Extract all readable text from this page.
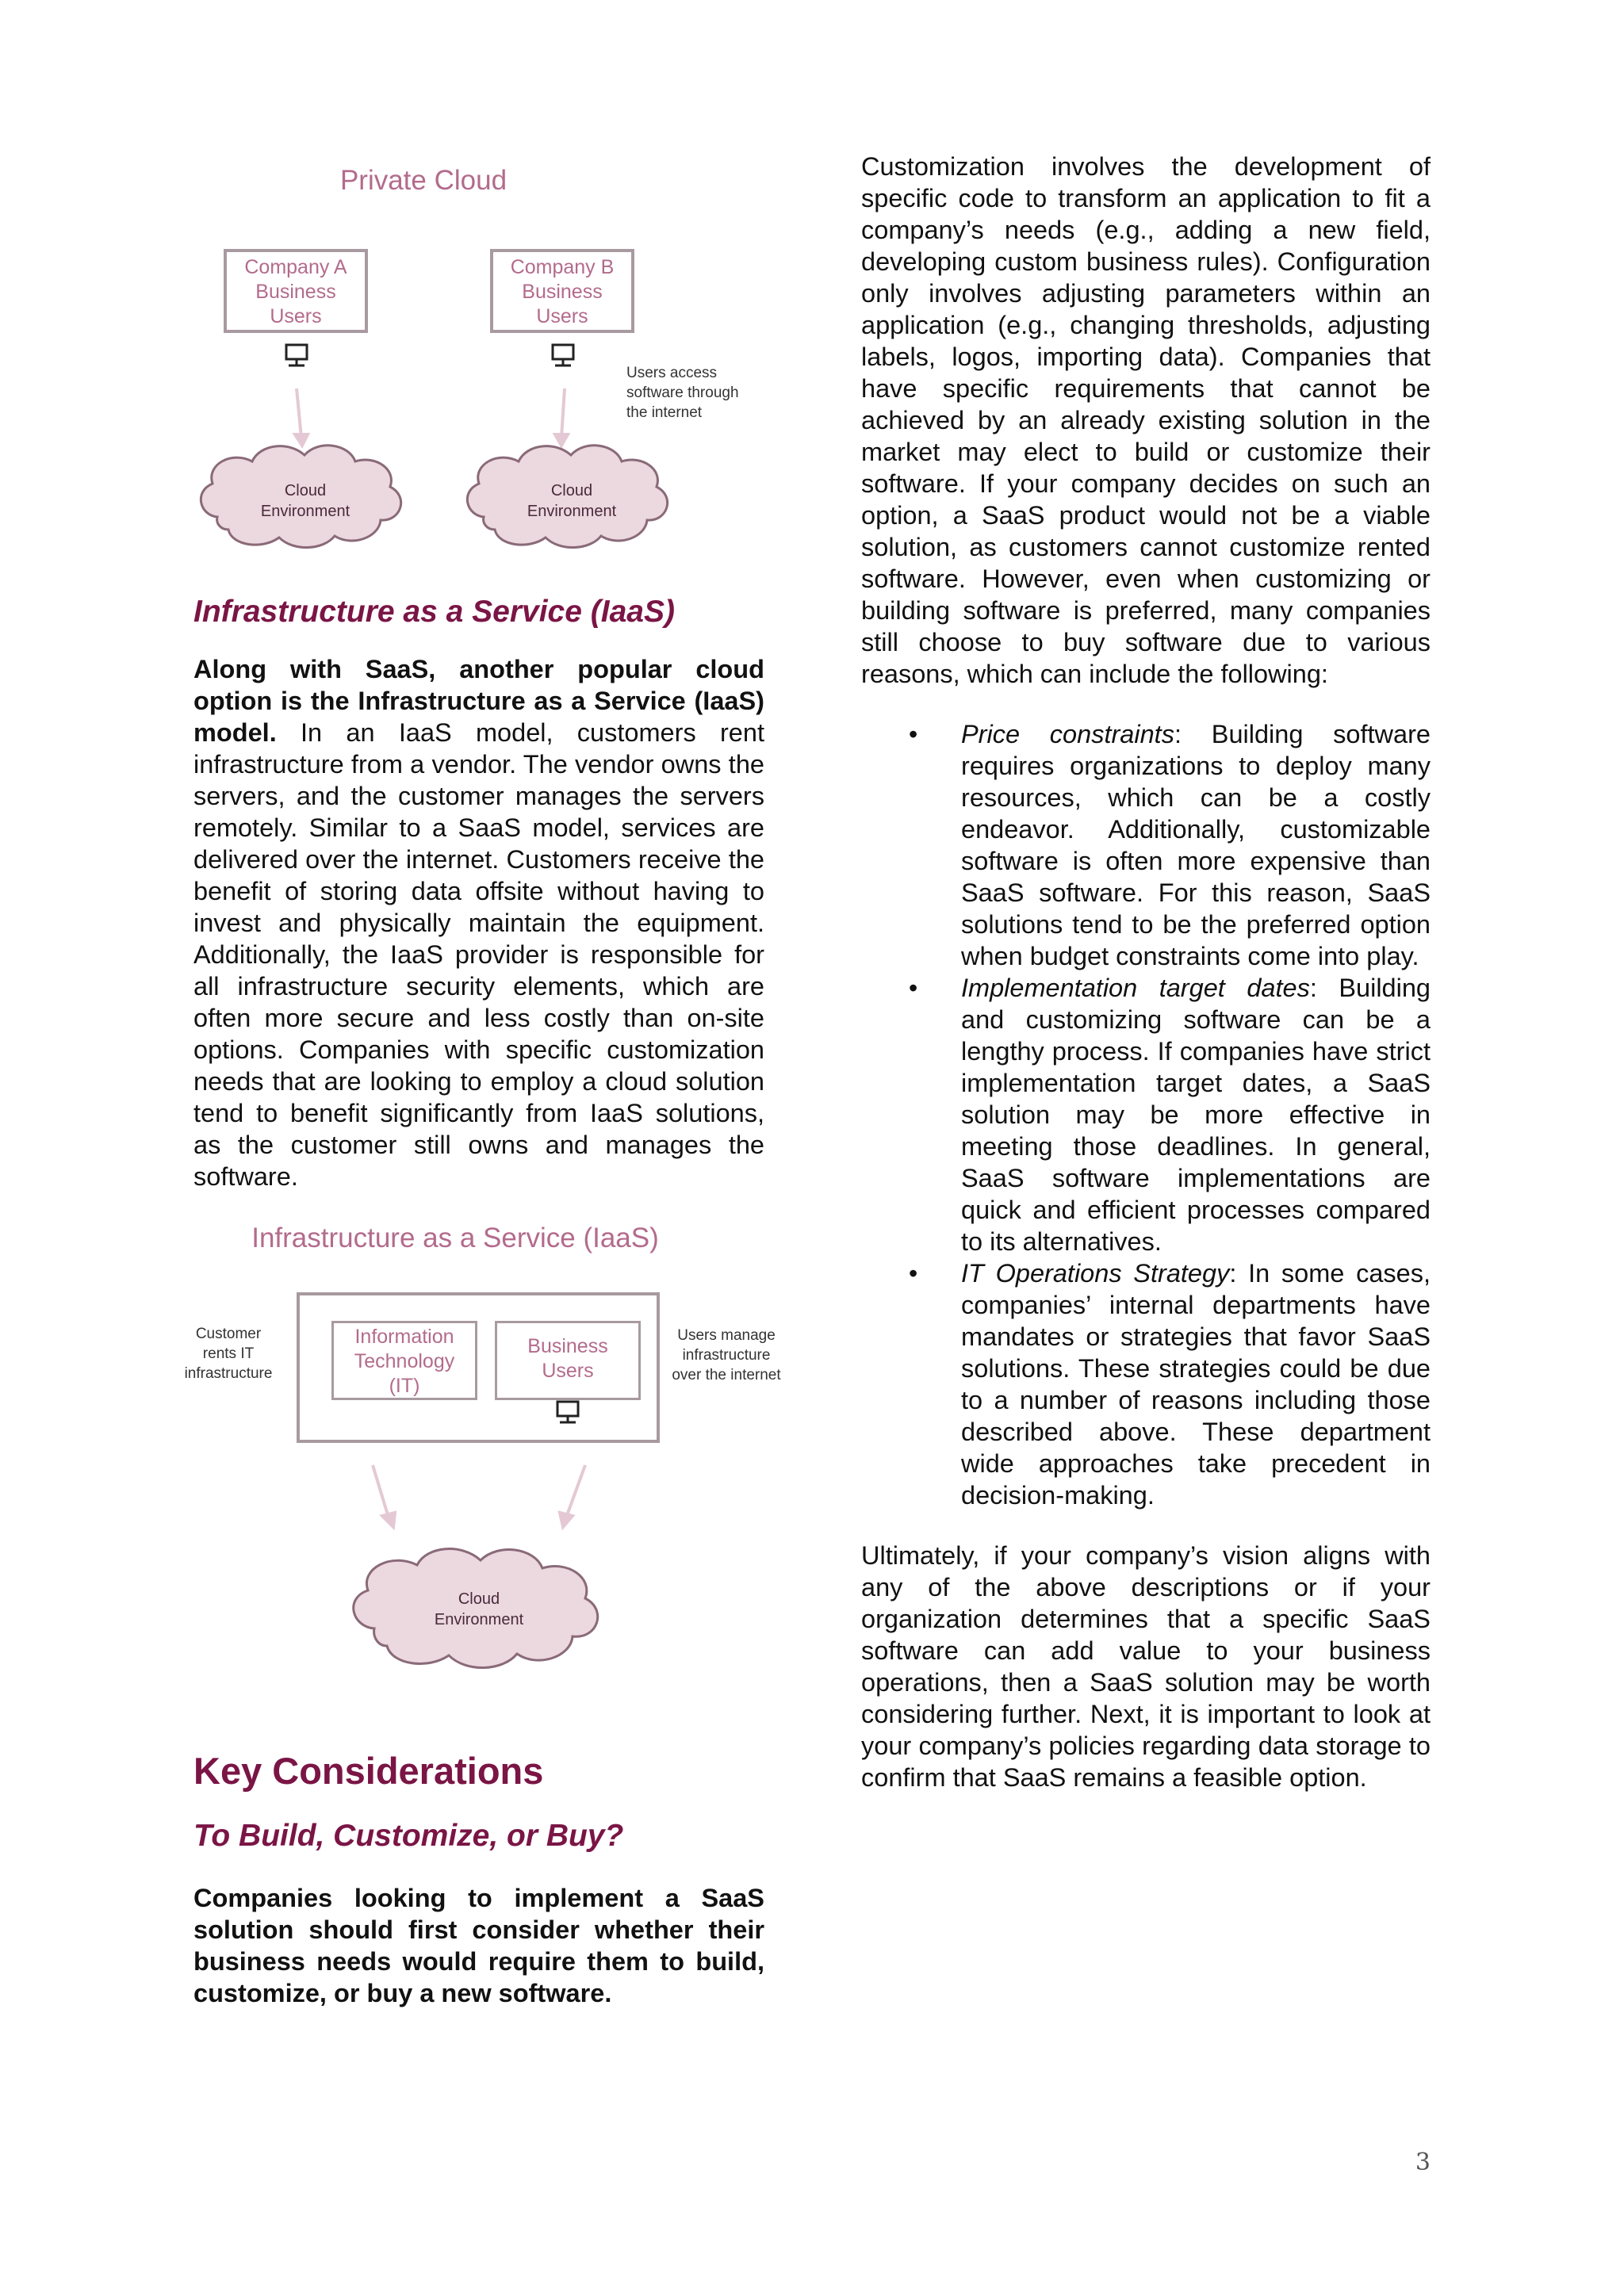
Private Cloud
Company A
Business
Users
Company B
Business
Users
Users access
software through
the internet
Cloud
Environment
Cloud
Environment
Infrastructure as a Service (IaaS)

Along with SaaS, another popular cloud option is the Infrastructure as a Service (IaaS) model. In an IaaS model, customers rent infrastructure from a vendor. The vendor owns the servers, and the customer manages the servers remotely. Similar to a SaaS model, services are delivered over the internet. Customers receive the benefit of storing data offsite without having to invest and physically maintain the equipment. Additionally, the IaaS provider is responsible for all infrastructure security elements, which are often more secure and less costly than on-site options. Companies with specific customization needs that are looking to employ a cloud solution tend to benefit significantly from IaaS solutions, as the customer still owns and manages the software.

Infrastructure as a Service (IaaS)
Customer
rents IT
infrastructure
Information
Technology
(IT)
Business
Users
Users manage
infrastructure
over the internet
Cloud
Environment
Key Considerations
To Build, Customize, or Buy?

Companies looking to implement a SaaS solution should first consider whether their business needs would require them to build, customize, or buy a new software.

Customization involves the development of specific code to transform an application to fit a company’s needs (e.g., adding a new field, developing custom business rules). Configuration only involves adjusting parameters within an application (e.g., changing thresholds, adjusting labels, logos, importing data). Companies that have specific requirements that cannot be achieved by an already existing solution in the market may elect to build or customize their software. If your company decides on such an option, a SaaS product would not be a viable solution, as customers cannot customize rented software. However, even when customizing or building software is preferred, many companies still choose to buy software due to various reasons, which can include the following:

• Price constraints: Building software requires organizations to deploy many resources, which can be a costly endeavor. Additionally, customizable software is often more expensive than SaaS software. For this reason, SaaS solutions tend to be the preferred option when budget constraints come into play.

• Implementation target dates: Building and customizing software can be a lengthy process. If companies have strict implementation target dates, a SaaS solution may be more effective in meeting those deadlines. In general, SaaS software implementations are quick and efficient processes compared to its alternatives.

• IT Operations Strategy: In some cases, companies’ internal departments have mandates or strategies that favor SaaS solutions. These strategies could be due to a number of reasons including those described above. These department wide approaches take precedent in decision-making.

Ultimately, if your company’s vision aligns with any of the above descriptions or if your organization determines that a specific SaaS software can add value to your business operations, then a SaaS solution may be worth considering further. Next, it is important to look at your company’s policies regarding data storage to confirm that SaaS remains a feasible option.

3
